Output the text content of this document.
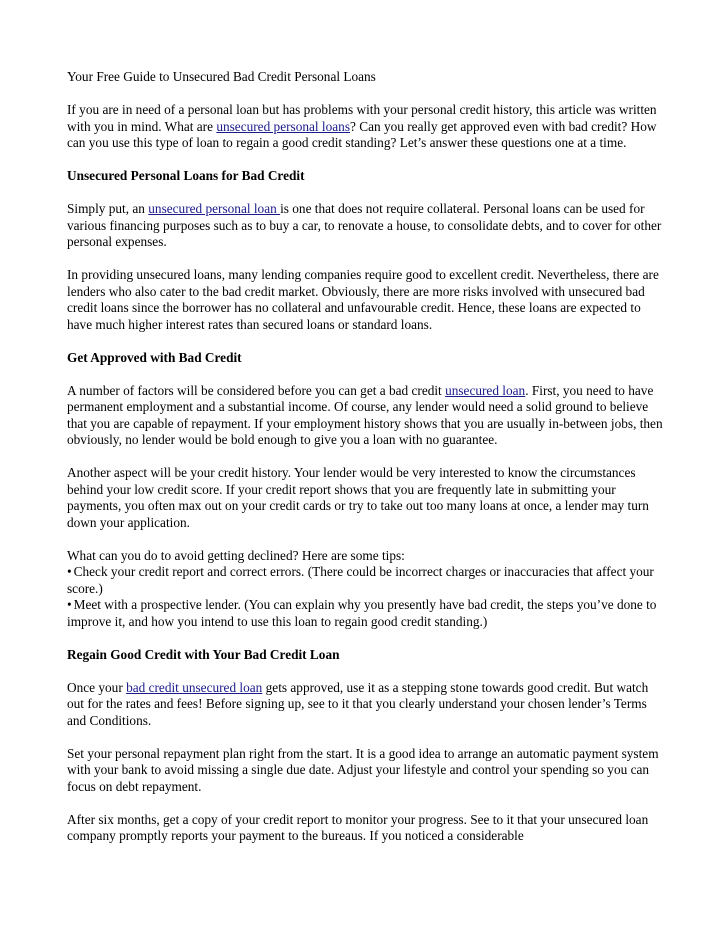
Your Free Guide to Unsecured Bad Credit Personal Loans

If you are in need of a personal loan but has problems with your personal credit history, this article was written with you in mind. What are unsecured personal loans? Can you really get approved even with bad credit? How can you use this type of loan to regain a good credit standing? Let’s answer these questions one at a time.

Unsecured Personal Loans for Bad Credit

Simply put, an unsecured personal loan is one that does not require collateral. Personal loans can be used for various financing purposes such as to buy a car, to renovate a house, to consolidate debts, and to cover for other personal expenses.

In providing unsecured loans, many lending companies require good to excellent credit. Nevertheless, there are lenders who also cater to the bad credit market. Obviously, there are more risks involved with unsecured bad credit loans since the borrower has no collateral and unfavourable credit. Hence, these loans are expected to have much higher interest rates than secured loans or standard loans.

Get Approved with Bad Credit

A number of factors will be considered before you can get a bad credit unsecured loan. First, you need to have permanent employment and a substantial income. Of course, any lender would need a solid ground to believe that you are capable of repayment. If your employment history shows that you are usually in-between jobs, then obviously, no lender would be bold enough to give you a loan with no guarantee.

Another aspect will be your credit history. Your lender would be very interested to know the circumstances behind your low credit score. If your credit report shows that you are frequently late in submitting your payments, you often max out on your credit cards or try to take out too many loans at once, a lender may turn down your application.

What can you do to avoid getting declined? Here are some tips:

• Check your credit report and correct errors. (There could be incorrect charges or inaccuracies that affect your score.)

• Meet with a prospective lender. (You can explain why you presently have bad credit, the steps you’ve done to improve it, and how you intend to use this loan to regain good credit standing.)

Regain Good Credit with Your Bad Credit Loan

Once your bad credit unsecured loan gets approved, use it as a stepping stone towards good credit. But watch out for the rates and fees! Before signing up, see to it that you clearly understand your chosen lender’s Terms and Conditions.

Set your personal repayment plan right from the start. It is a good idea to arrange an automatic payment system with your bank to avoid missing a single due date. Adjust your lifestyle and control your spending so you can focus on debt repayment.

After six months, get a copy of your credit report to monitor your progress. See to it that your unsecured loan company promptly reports your payment to the bureaus. If you noticed a considerable
